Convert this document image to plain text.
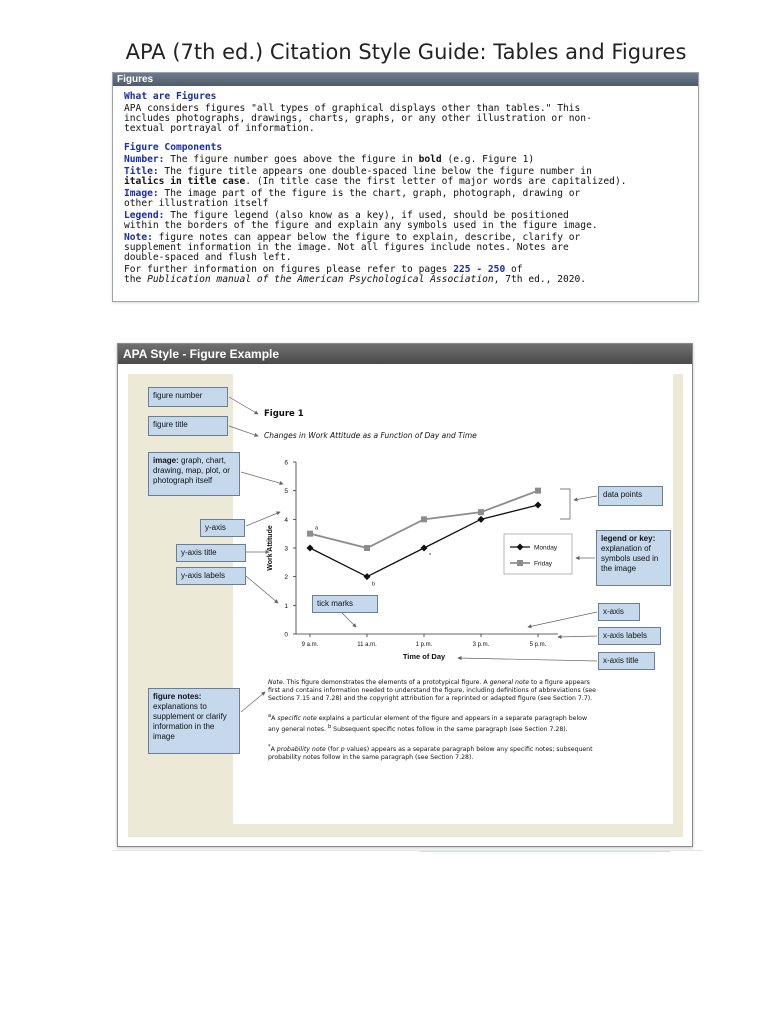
APA (7th ed.) Citation Style Guide: Tables and Figures
Figures

What are Figures

APA considers figures "all types of graphical displays other than tables." This

includes photographs, drawings, charts, graphs, or any other illustration or non-

textual portrayal of information.

Figure Components

Number: The figure number goes above the figure in bold (e.g. Figure 1)

Title: The figure title appears one double-spaced line below the figure number in

italics in title case. (In title case the first letter of major words are capitalized).

Image: The image part of the figure is the chart, graph, photograph, drawing or

other illustration itself

Legend: The figure legend (also know as a key), if used, should be positioned

within the borders of the figure and explain any symbols used in the figure image.

Note: figure notes can appear below the figure to explain, describe, clarify or

supplement information in the image. Not all figures include notes. Notes are

double-spaced and flush left.

For further information on figures please refer to pages 225 - 250 of

the Publication manual of the American Psychological Association, 7th ed., 2020.

APA Style - Figure Example
figure number
figure title
image: graph, chart, drawing, map, plot, or photograph itself
y-axis
y-axis title
y-axis labels
tick marks
figure notes: explanations to supplement or clarify information in the image
data points
legend or key: explanation of symbols used in the image
x-axis
x-axis labels
x-axis title
Figure 1
Changes in Work Attitude as a Function of Day and Time
0
1
2
3
4
5
6
9 a.m.	11 a.m.	1 p.m.	3 p.m.	5 p.m.
Time of Day
Work Attitude
b
*
a
Monday
Friday

Note. This figure demonstrates the elements of a prototypical figure. A general note to a figure appears first and contains information needed to understand the figure, including definitions of abbreviations (see Sections 7.15 and 7.28) and the copyright attribution for a reprinted or adapted figure (see Section 7.7).

$^a$A specific note explains a particular element of the figure and appears in a separate paragraph below any general notes. $^b$ Subsequent specific notes follow in the same paragraph (see Section 7.28).

*A probability note (for p values) appears as a separate paragraph below any specific notes; subsequent probability notes follow in the same paragraph (see Section 7.28).
